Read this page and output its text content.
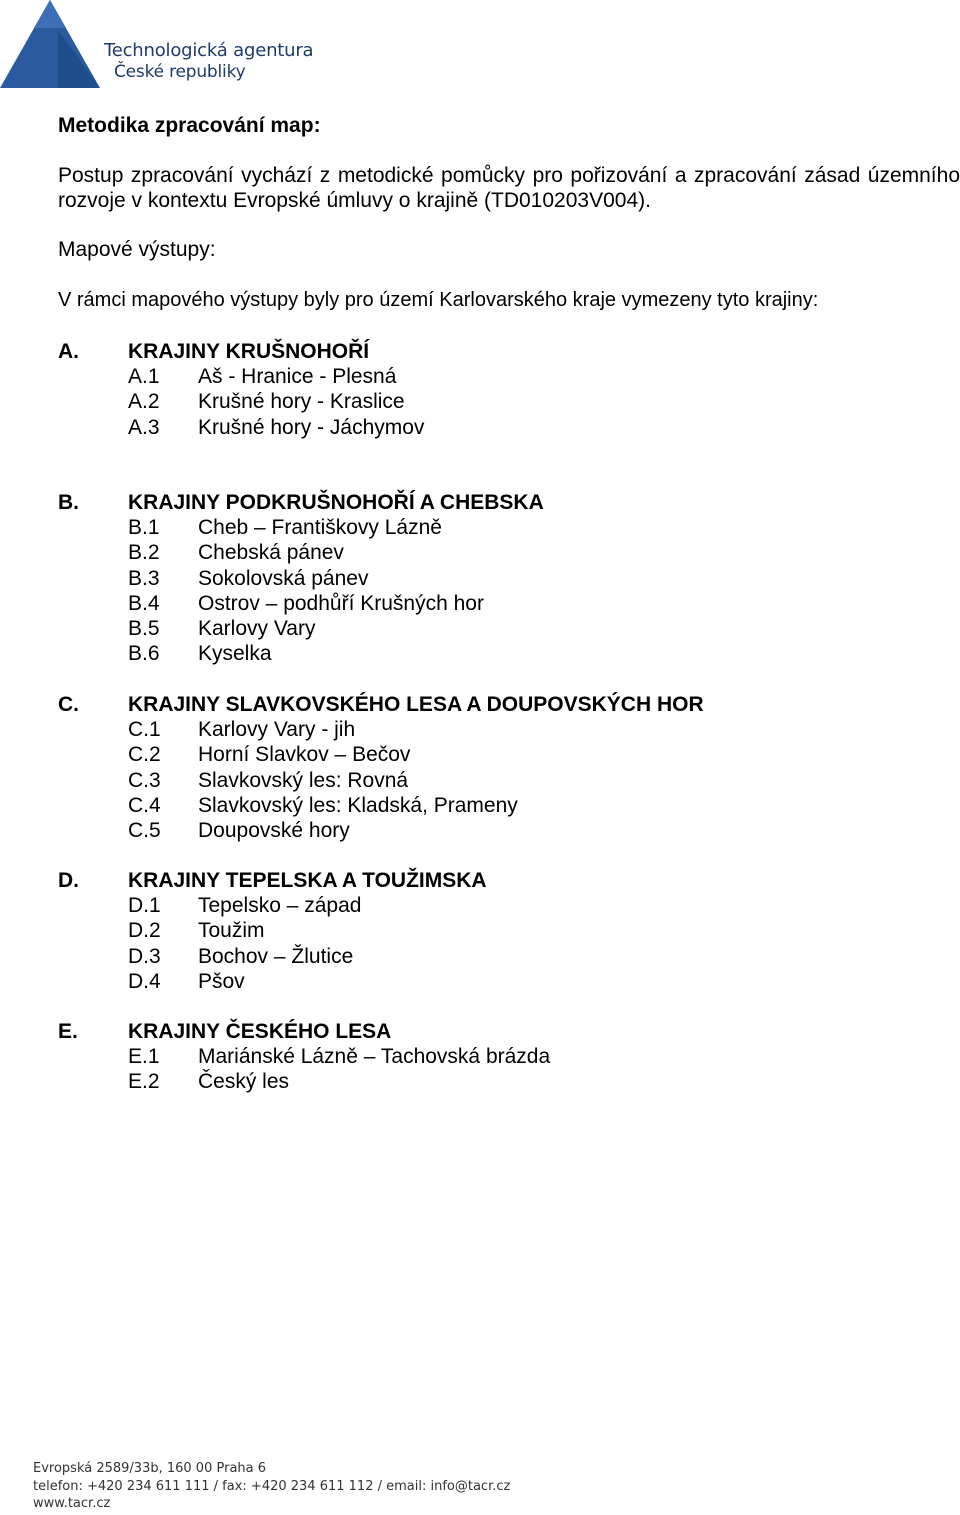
Technologická agentura
České republiky
Metodika zpracování map:
Postup zpracování vychází z metodické pomůcky pro pořizování a zpracování zásad územního rozvoje v kontextu Evropské úmluvy o krajině (TD010203V004).
Mapové výstupy:
V rámci mapového výstupy byly pro území Karlovarského kraje vymezeny tyto krajiny:
A. KRAJINY KRUŠNOHOŘÍ
A.1 Aš - Hranice - Plesná
A.2 Krušné hory - Kraslice
A.3 Krušné hory - Jáchymov
B. KRAJINY PODKRUŠNOHOŘÍ A CHEBSKA
B.1 Cheb – Františkovy Lázně
B.2 Chebská pánev
B.3 Sokolovská pánev
B.4 Ostrov – podhůří Krušných hor
B.5 Karlovy Vary
B.6 Kyselka
C. KRAJINY SLAVKOVSKÉHO LESA A DOUPOVSKÝCH HOR
C.1 Karlovy Vary - jih
C.2 Horní Slavkov – Bečov
C.3 Slavkovský les: Rovná
C.4 Slavkovský les: Kladská, Prameny
C.5 Doupovské hory
D. KRAJINY TEPELSKA A TOUŽIMSKA
D.1 Tepelsko – západ
D.2 Toužim
D.3 Bochov – Žlutice
D.4 Pšov
E. KRAJINY ČESKÉHO LESA
E.1 Mariánské Lázně – Tachovská brázda
E.2 Český les
Evropská 2589/33b, 160 00 Praha 6
telefon: +420 234 611 111 / fax: +420 234 611 112 / email: info@tacr.cz
www.tacr.cz
